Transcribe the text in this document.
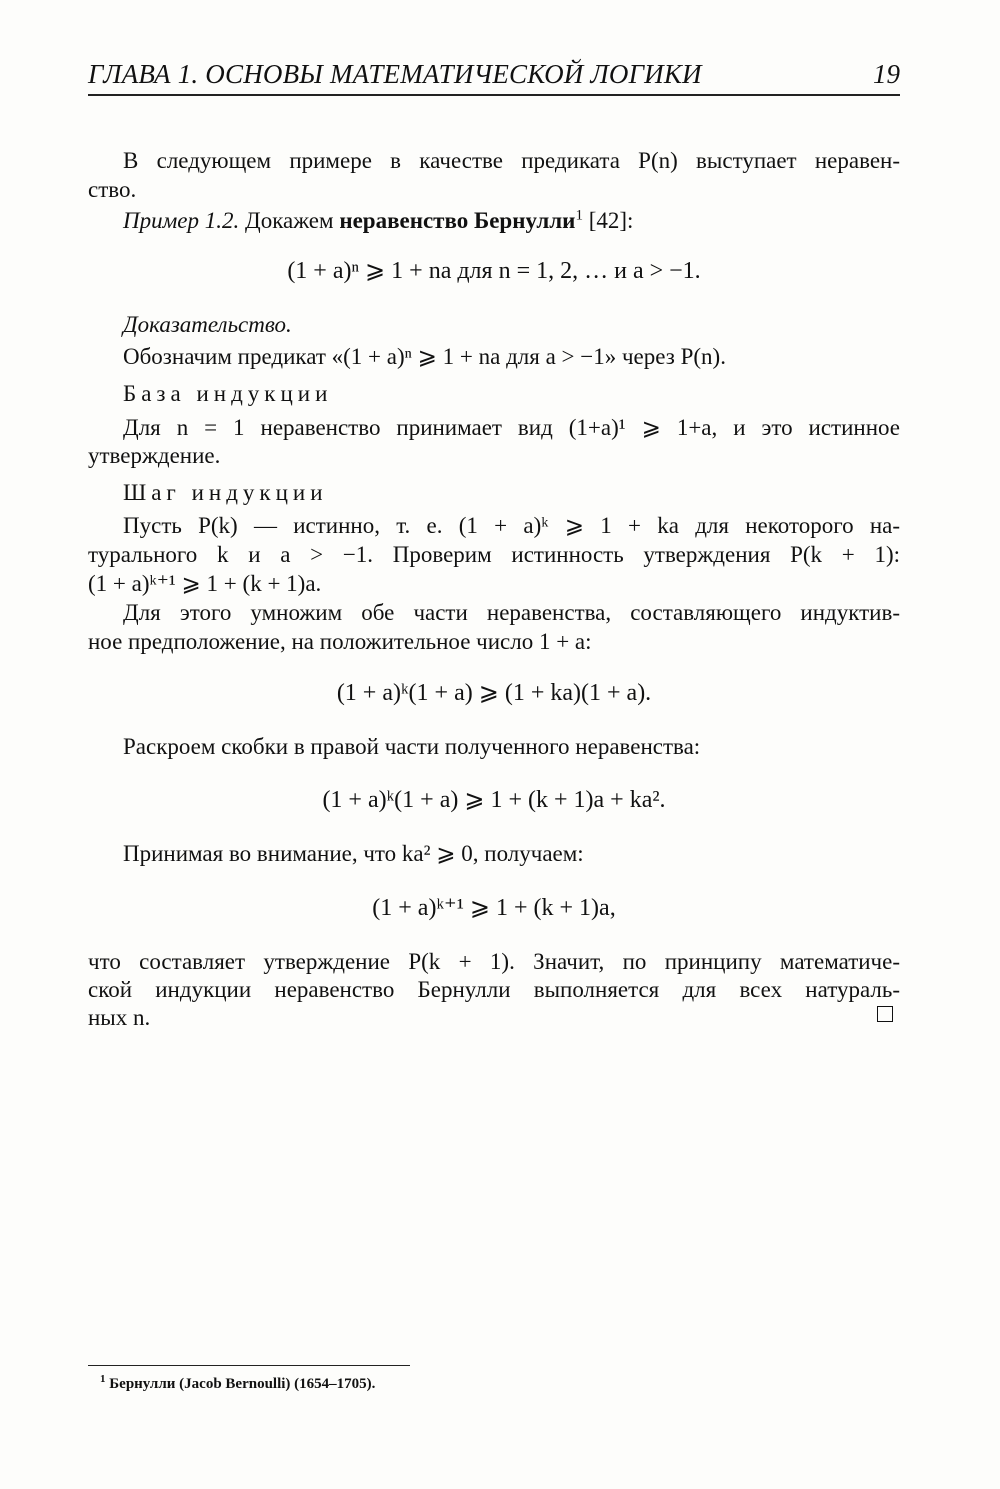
ГЛАВА 1. ОСНОВЫ МАТЕМАТИЧЕСКОЙ ЛОГИКИ	19
В следующем примере в качестве предиката P(n) выступает неравен-
ство.
Пример 1.2. Докажем неравенство Бернулли$^1$ [42]:
(1 + a)ⁿ ⩾ 1 + na для n = 1, 2, … и a > −1.
Доказательство.
Обозначим предикат «(1 + a)ⁿ ⩾ 1 + na для a > −1» через P(n).
База индукции
Для n = 1 неравенство принимает вид (1+a)¹ ⩾ 1+a, и это истинное
утверждение.
Шаг индукции
Пусть P(k) — истинно, т. е. (1 + a)ᵏ ⩾ 1 + ka для некоторого на-
турального k и a > −1. Проверим истинность утверждения P(k + 1):
(1 + a)ᵏ⁺¹ ⩾ 1 + (k + 1)a.
Для этого умножим обе части неравенства, составляющего индуктив-
ное предположение, на положительное число 1 + a:
(1 + a)ᵏ(1 + a) ⩾ (1 + ka)(1 + a).
Раскроем скобки в правой части полученного неравенства:
(1 + a)ᵏ(1 + a) ⩾ 1 + (k + 1)a + ka².
Принимая во внимание, что ka² ⩾ 0, получаем:
(1 + a)ᵏ⁺¹ ⩾ 1 + (k + 1)a,
что составляет утверждение P(k + 1). Значит, по принципу математиче-
ской индукции неравенство Бернулли выполняется для всех натураль-
ных n.
$^1$ Бернулли (Jacob Bernoulli) (1654–1705).
